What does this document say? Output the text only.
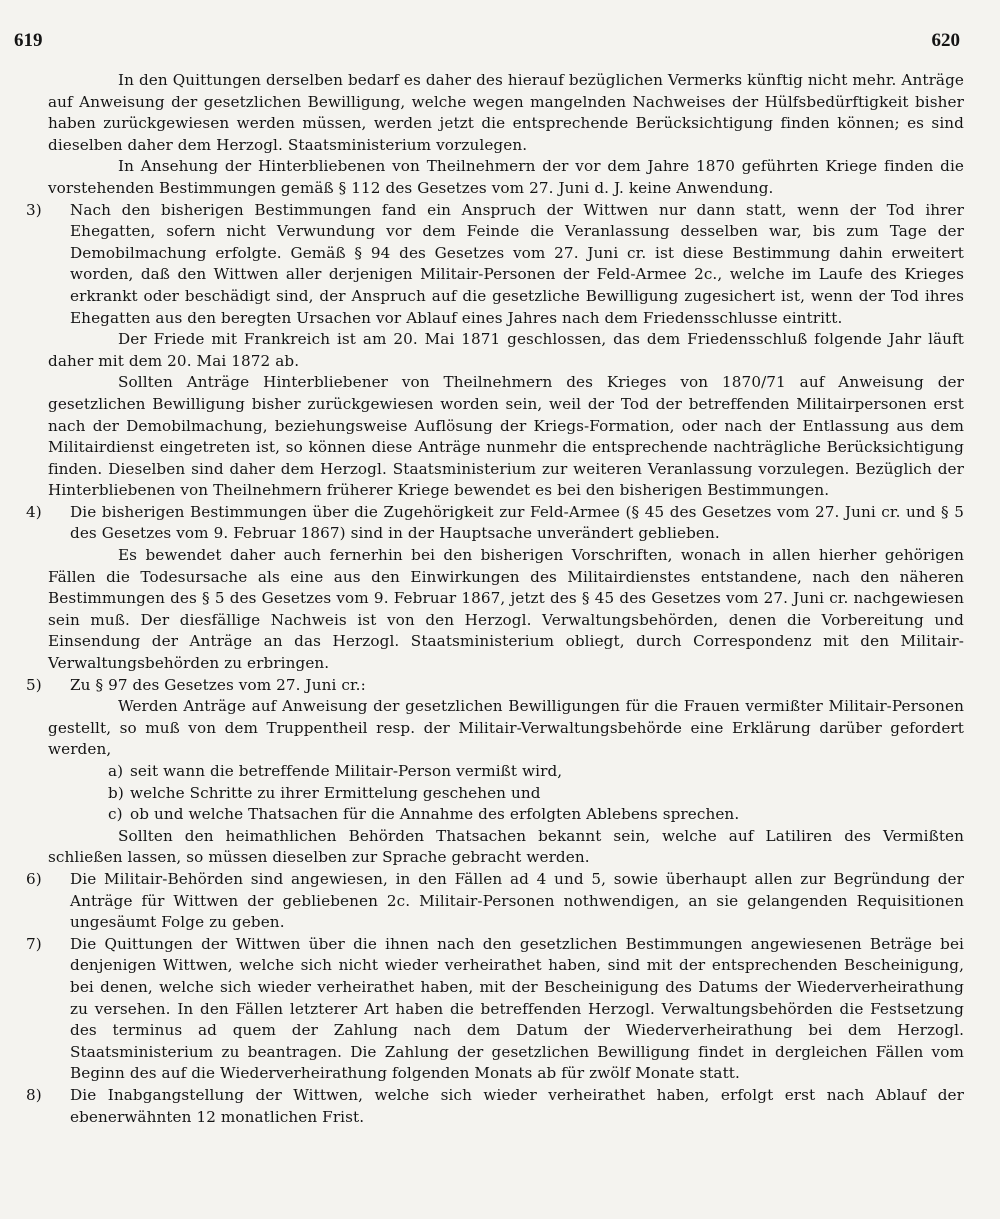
619	620

In den Quittungen derselben bedarf es daher des hierauf bezüglichen Vermerks künftig nicht mehr. Anträge auf Anweisung der gesetzlichen Bewilligung, welche wegen mangelnden Nachweises der Hülfsbedürftigkeit bisher haben zurückgewiesen werden müssen, werden jetzt die entsprechende Berücksichtigung finden können; es sind dieselben daher dem Herzogl. Staatsministerium vorzulegen.

In Ansehung der Hinterbliebenen von Theilnehmern der vor dem Jahre 1870 geführten Kriege finden die vorstehenden Bestimmungen gemäß § 112 des Gesetzes vom 27. Juni d. J. keine Anwendung.

3) Nach den bisherigen Bestimmungen fand ein Anspruch der Wittwen nur dann statt, wenn der Tod ihrer Ehegatten, sofern nicht Verwundung vor dem Feinde die Veranlassung desselben war, bis zum Tage der Demobilmachung erfolgte. Gemäß § 94 des Gesetzes vom 27. Juni cr. ist diese Bestimmung dahin erweitert worden, daß den Wittwen aller derjenigen Militair-Personen der Feld-Armee 2c., welche im Laufe des Krieges erkrankt oder beschädigt sind, der Anspruch auf die gesetzliche Bewilligung zugesichert ist, wenn der Tod ihres Ehegatten aus den beregten Ursachen vor Ablauf eines Jahres nach dem Friedensschlusse eintritt.

Der Friede mit Frankreich ist am 20. Mai 1871 geschlossen, das dem Friedensschluß folgende Jahr läuft daher mit dem 20. Mai 1872 ab.

Sollten Anträge Hinterbliebener von Theilnehmern des Krieges von 1870/71 auf Anweisung der gesetzlichen Bewilligung bisher zurückgewiesen worden sein, weil der Tod der betreffenden Militairpersonen erst nach der Demobilmachung, beziehungsweise Auflösung der Kriegs-Formation, oder nach der Entlassung aus dem Militairdienst eingetreten ist, so können diese Anträge nunmehr die entsprechende nachträgliche Berücksichtigung finden. Dieselben sind daher dem Herzogl. Staatsministerium zur weiteren Veranlassung vorzulegen. Bezüglich der Hinterbliebenen von Theilnehmern früherer Kriege bewendet es bei den bisherigen Bestimmungen.

4) Die bisherigen Bestimmungen über die Zugehörigkeit zur Feld-Armee (§ 45 des Gesetzes vom 27. Juni cr. und § 5 des Gesetzes vom 9. Februar 1867) sind in der Hauptsache unverändert geblieben.

Es bewendet daher auch fernerhin bei den bisherigen Vorschriften, wonach in allen hierher gehörigen Fällen die Todesursache als eine aus den Einwirkungen des Militairdienstes entstandene, nach den näheren Bestimmungen des § 5 des Gesetzes vom 9. Februar 1867, jetzt des § 45 des Gesetzes vom 27. Juni cr. nachgewiesen sein muß. Der diesfällige Nachweis ist von den Herzogl. Verwaltungsbehörden, denen die Vorbereitung und Einsendung der Anträge an das Herzogl. Staatsministerium obliegt, durch Correspondenz mit den Militair-Verwaltungsbehörden zu erbringen.

5) Zu § 97 des Gesetzes vom 27. Juni cr.:

Werden Anträge auf Anweisung der gesetzlichen Bewilligungen für die Frauen vermißter Militair-Personen gestellt, so muß von dem Truppentheil resp. der Militair-Verwaltungsbehörde eine Erklärung darüber gefordert werden,

a) seit wann die betreffende Militair-Person vermißt wird,

b) welche Schritte zu ihrer Ermittelung geschehen und

c) ob und welche Thatsachen für die Annahme des erfolgten Ablebens sprechen.

Sollten den heimathlichen Behörden Thatsachen bekannt sein, welche auf Latiliren des Vermißten schließen lassen, so müssen dieselben zur Sprache gebracht werden.

6) Die Militair-Behörden sind angewiesen, in den Fällen ad 4 und 5, sowie überhaupt allen zur Begründung der Anträge für Wittwen der gebliebenen 2c. Militair-Personen nothwendigen, an sie gelangenden Requisitionen ungesäumt Folge zu geben.

7) Die Quittungen der Wittwen über die ihnen nach den gesetzlichen Bestimmungen angewiesenen Beträge bei denjenigen Wittwen, welche sich nicht wieder verheirathet haben, sind mit der entsprechenden Bescheinigung, bei denen, welche sich wieder verheirathet haben, mit der Bescheinigung des Datums der Wiederverheirathung zu versehen. In den Fällen letzterer Art haben die betreffenden Herzogl. Verwaltungsbehörden die Festsetzung des terminus ad quem der Zahlung nach dem Datum der Wiederverheirathung bei dem Herzogl. Staatsministerium zu beantragen. Die Zahlung der gesetzlichen Bewilligung findet in dergleichen Fällen vom Beginn des auf die Wiederverheirathung folgenden Monats ab für zwölf Monate statt.

8) Die Inabgangstellung der Wittwen, welche sich wieder verheirathet haben, erfolgt erst nach Ablauf der ebenerwähnten 12 monatlichen Frist.
